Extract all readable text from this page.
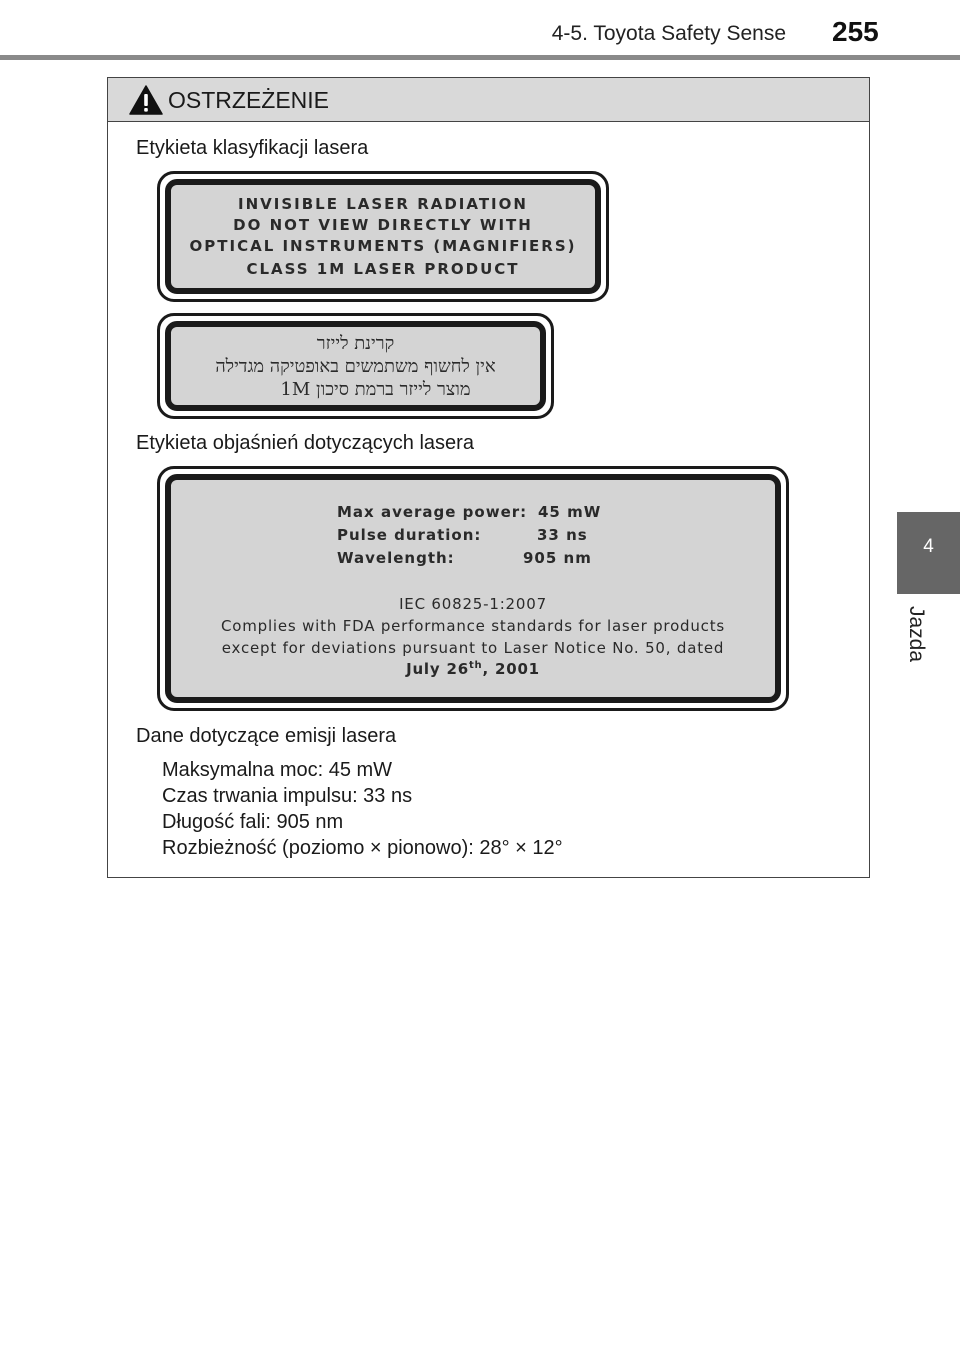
4-5. Toyota Safety Sense 255
4
Jazda
OSTRZEŻENIE
Etykieta klasyfikacji lasera
INVISIBLE LASER RADIATION
DO NOT VIEW DIRECTLY WITH
OPTICAL INSTRUMENTS (MAGNIFIERS)
CLASS 1M LASER PRODUCT
קרינת לייזר
אין לחשוף משתמשים באופטיקה מגדילה
מוצר לייזר ברמת סיכון 1M
Etykieta objaśnień dotyczących lasera
Max average power: 45 mW
Pulse duration:	33 ns
Wavelength:	905 nm
IEC 60825-1:2007
Complies with FDA performance standards for laser products
except for deviations pursuant to Laser Notice No. 50, dated
July 26th, 2001
Dane dotyczące emisji lasera
Maksymalna moc: 45 mW
Czas trwania impulsu: 33 ns
Długość fali: 905 nm
Rozbieżność (poziomo × pionowo): 28° × 12°
